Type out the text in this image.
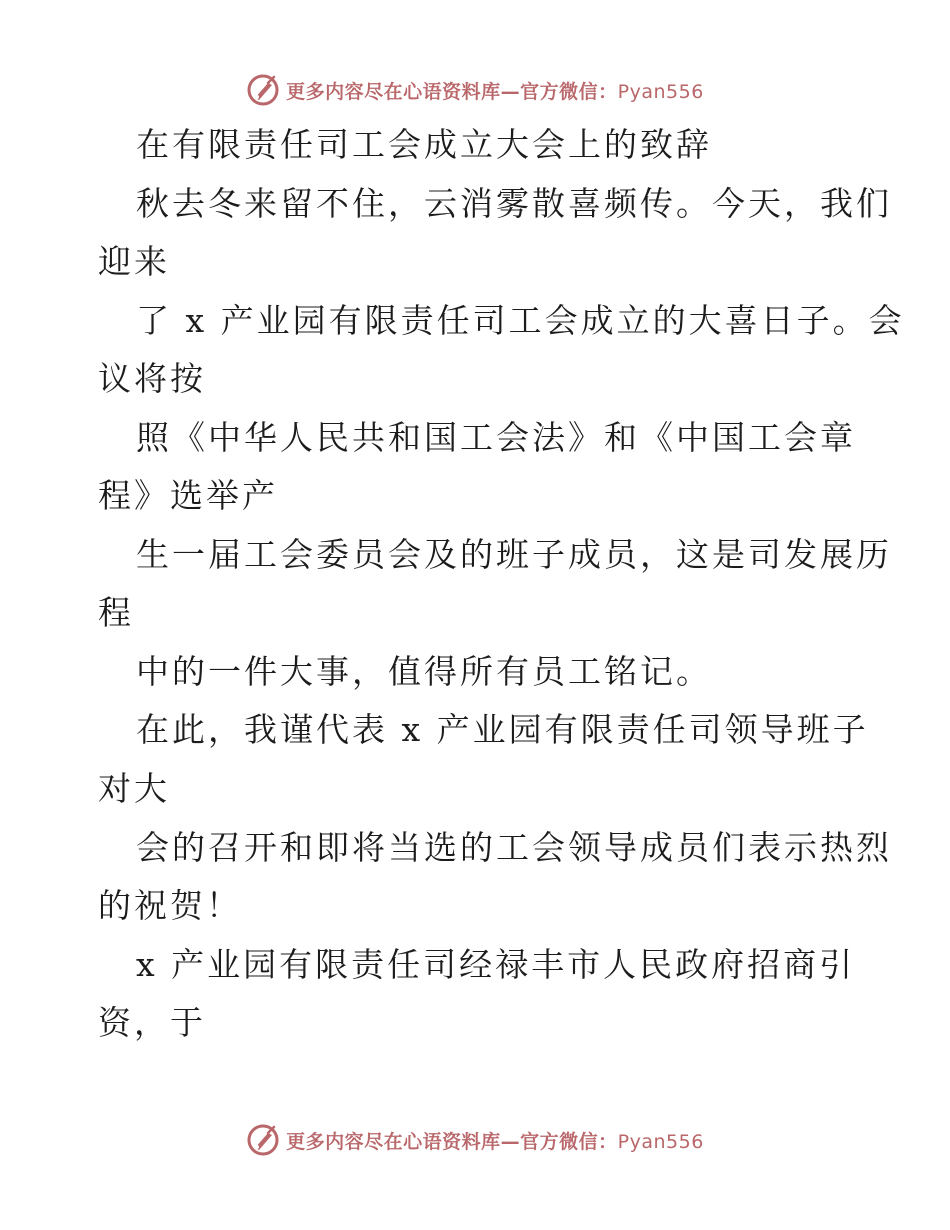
更多内容尽在心语资料库—官方微信：Pyan556
在有限责任司工会成立大会上的致辞
秋去冬来留不住，云消雾散喜频传。今天，我们
迎来
了 x 产业园有限责任司工会成立的大喜日子。会
议将按
照《中华人民共和国工会法》和《中国工会章
程》选举产
生一届工会委员会及的班子成员，这是司发展历
程
中的一件大事，值得所有员工铭记。
在此，我谨代表 x 产业园有限责任司领导班子
对大
会的召开和即将当选的工会领导成员们表示热烈
的祝贺！
x 产业园有限责任司经禄丰市人民政府招商引
资，于
更多内容尽在心语资料库—官方微信：Pyan556
